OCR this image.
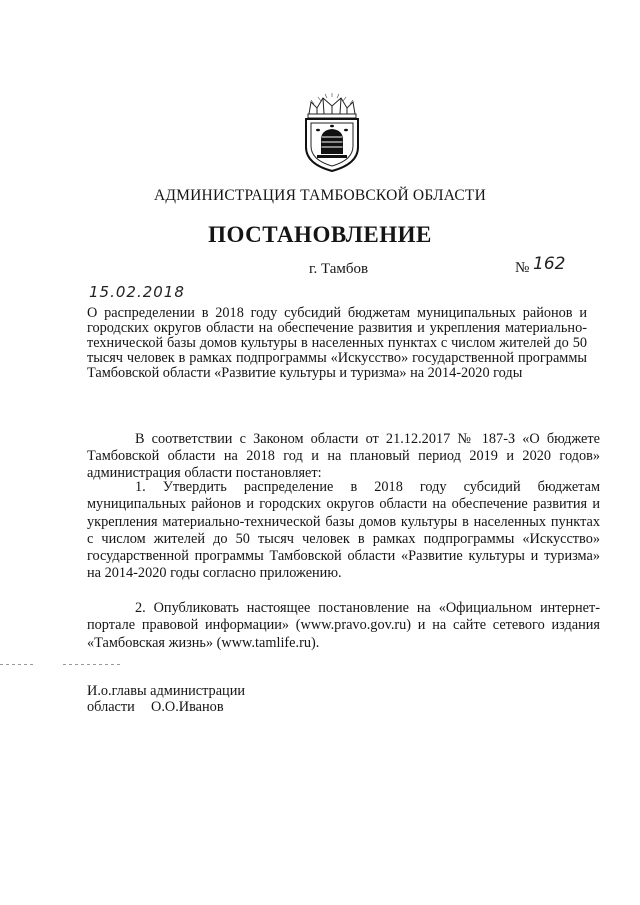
АДМИНИСТРАЦИЯ ТАМБОВСКОЙ ОБЛАСТИ
ПОСТАНОВЛЕНИЕ
г. Тамбов	№ 162
15.02.2018
О распределении в 2018 году субсидий бюджетам муниципальных районов и городских округов области на обеспечение развития и укрепления материально-технической базы домов культуры в населенных пунктах с числом жителей до 50 тысяч человек в рамках подпрограммы «Искусство» государственной программы Тамбовской области «Развитие культуры и туризма» на 2014-2020 годы
В соответствии с Законом области от 21.12.2017 № 187-З «О бюджете Тамбовской области на 2018 год и на плановый период 2019 и 2020 годов» администрация области постановляет:
1. Утвердить распределение в 2018 году субсидий бюджетам муниципальных районов и городских округов области на обеспечение развития и укрепления материально-технической базы домов культуры в населенных пунктах с числом жителей до 50 тысяч человек в рамках подпрограммы «Искусство» государственной программы Тамбовской области «Развитие культуры и туризма» на 2014-2020 годы согласно приложению.
2. Опубликовать настоящее постановление на «Официальном интернет-портале правовой информации» (www.pravo.gov.ru) и на сайте сетевого издания «Тамбовская жизнь» (www.tamlife.ru).
И.о.главы администрации
области О.О.Иванов
